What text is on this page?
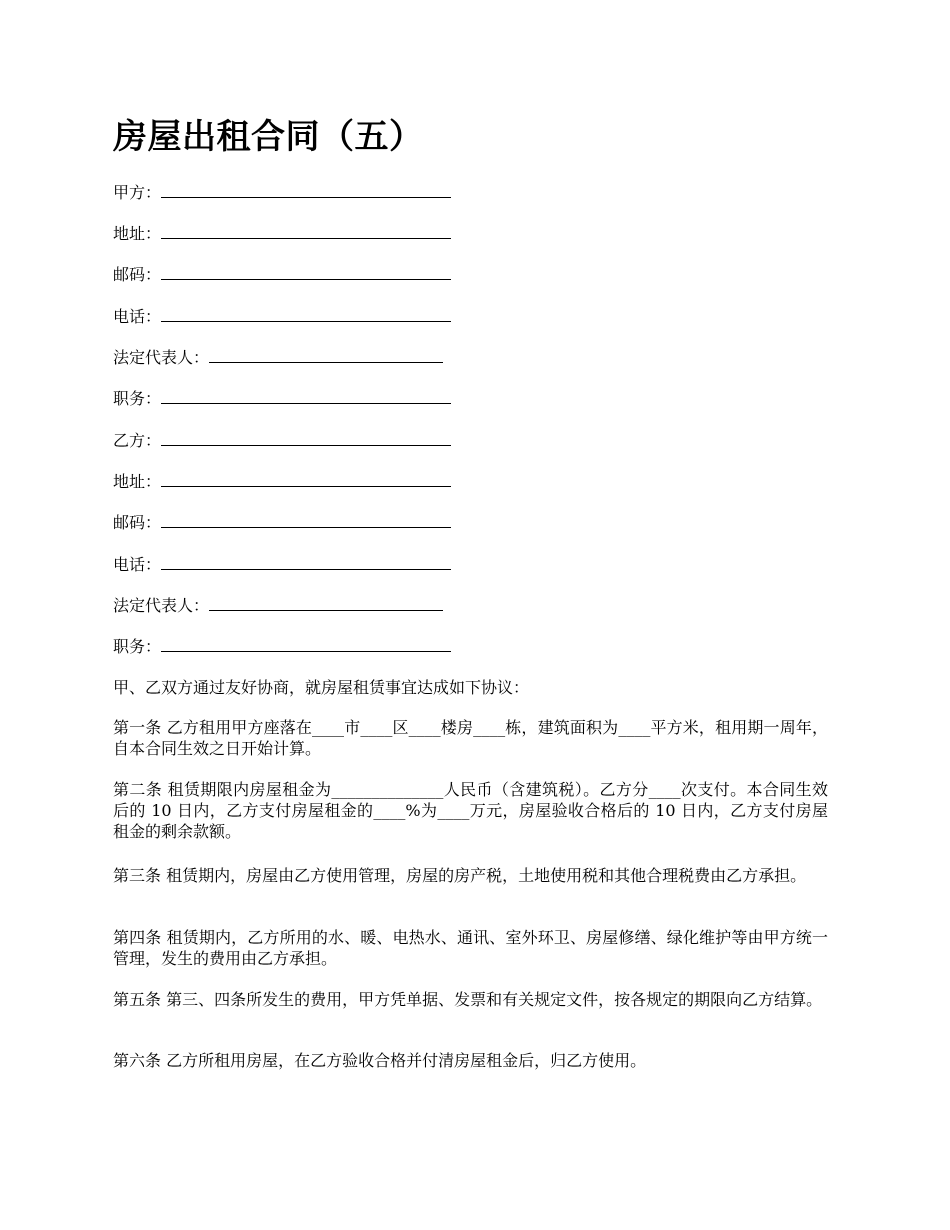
房屋出租合同（五）
甲方：
地址：
邮码：
电话：
法定代表人：
职务：
乙方：
地址：
邮码：
电话：
法定代表人：
职务：

甲、乙双方通过友好协商，就房屋租赁事宜达成如下协议：

第一条 乙方租用甲方座落在____市____区____楼房____栋，建筑面积为____平方米，租用期一周年，自本合同生效之日开始计算。

第二条 租赁期限内房屋租金为______________人民币（含建筑税）。乙方分____次支付。本合同生效后的 10 日内，乙方支付房屋租金的____%为____万元，房屋验收合格后的 10 日内，乙方支付房屋租金的剩余款额。

第三条 租赁期内，房屋由乙方使用管理，房屋的房产税，土地使用税和其他合理税费由乙方承担。

第四条 租赁期内，乙方所用的水、暖、电热水、通讯、室外环卫、房屋修缮、绿化维护等由甲方统一管理，发生的费用由乙方承担。

第五条 第三、四条所发生的费用，甲方凭单据、发票和有关规定文件，按各规定的期限向乙方结算。

第六条 乙方所租用房屋，在乙方验收合格并付清房屋租金后，归乙方使用。
